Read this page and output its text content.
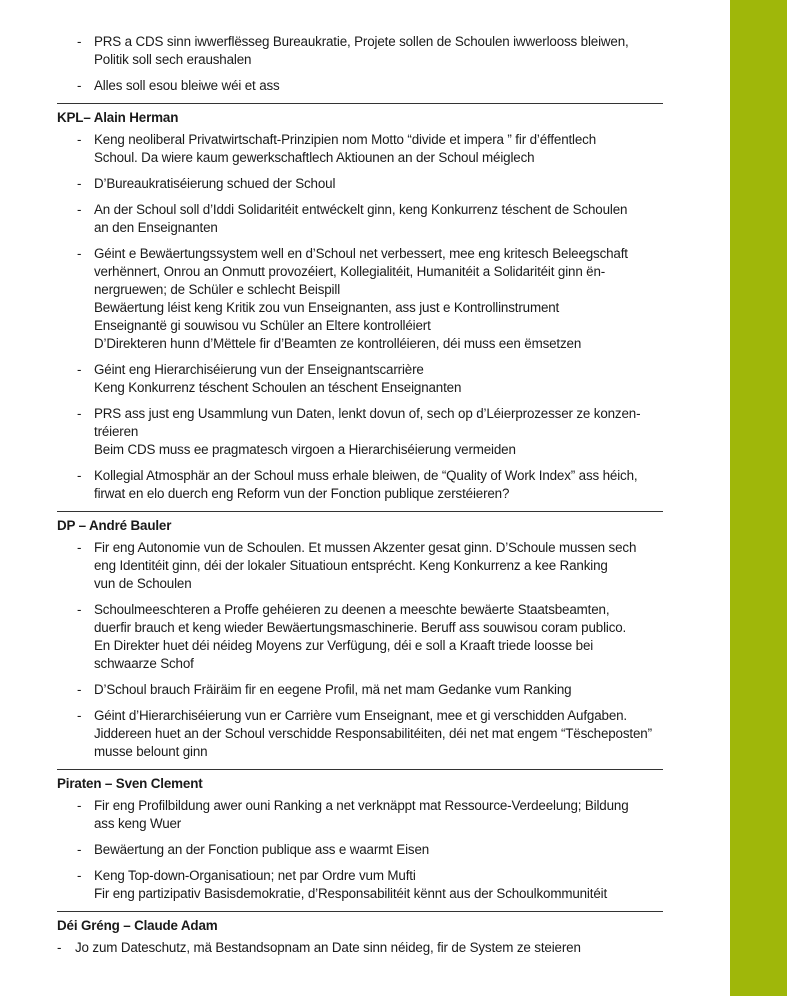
- PRS a CDS sinn iwwerflësseg Bureaukratie, Projete sollen de Schoulen iwwerlooss bleiwen,
Politik soll sech eraushalen
- Alles soll esou bleiwe wéi et ass
KPL– Alain Herman
- Keng neoliberal Privatwirtschaft-Prinzipien nom Motto “divide et impera ” fir d’éffentlech
Schoul. Da wiere kaum gewerkschaftlech Aktiounen an der Schoul méiglech
- D’Bureaukratiséierung schued der Schoul
- An der Schoul soll d’Iddi Solidaritéit entwéckelt ginn, keng Konkurrenz téschent de Schoulen
an den Enseignanten
- Géint e Bewäertungssystem well en d’Schoul net verbessert, mee eng kritesch Beleegschaft
verhënnert, Onrou an Onmutt provozéiert, Kollegialitéit, Humanitéit a Solidaritéit ginn ën-
nergruewen; de Schüler e schlecht Beispill
Bewäertung léist keng Kritik zou vun Enseignanten, ass just e Kontrollinstrument
Enseignantë gi souwisou vu Schüler an Eltere kontrolléiert
D’Direkteren hunn d’Mëttele fir d’Beamten ze kontrolléieren, déi muss een ëmsetzen
- Géint eng Hierarchiséierung vun der Enseignantscarrière
Keng Konkurrenz téschent Schoulen an téschent Enseignanten
- PRS ass just eng Usammlung vun Daten, lenkt dovun of, sech op d’Léierprozesser ze konzen-
tréieren
Beim CDS muss ee pragmatesch virgoen a Hierarchiséierung vermeiden
- Kollegial Atmosphär an der Schoul muss erhale bleiwen, de “Quality of Work Index” ass héich,
firwat en elo duerch eng Reform vun der Fonction publique zerstéieren?
DP – André Bauler
- Fir eng Autonomie vun de Schoulen. Et mussen Akzenter gesat ginn. D’Schoule mussen sech
eng Identitéit ginn, déi der lokaler Situatioun entsprécht. Keng Konkurrenz a kee Ranking
vun de Schoulen
- Schoulmeeschteren a Proffe gehéieren zu deenen a meeschte bewäerte Staatsbeamten,
duerfir brauch et keng wieder Bewäertungsmaschinerie. Beruff ass souwisou coram publico.
En Direkter huet déi néideg Moyens zur Verfügung, déi e soll a Kraaft triede loosse bei
schwaarze Schof
- D’Schoul brauch Fräiräim fir en eegene Profil, mä net mam Gedanke vum Ranking
- Géint d’Hierarchiséierung vun er Carrière vum Enseignant, mee et gi verschidden Aufgaben.
Jiddereen huet an der Schoul verschidde Responsabilitéiten, déi net mat engem “Tëscheposten”
musse belount ginn
Piraten – Sven Clement
- Fir eng Profilbildung awer ouni Ranking a net verknäppt mat Ressource-Verdeelung; Bildung
ass keng Wuer
- Bewäertung an der Fonction publique ass e waarmt Eisen
- Keng Top-down-Organisatioun; net par Ordre vum Mufti
Fir eng partizipativ Basisdemokratie, d’Responsabilitéit kënnt aus der Schoulkommunitéit
Déi Gréng – Claude Adam
-	Jo zum Dateschutz, mä Bestandsopnam an Date sinn néideg, fir de System ze steieren
